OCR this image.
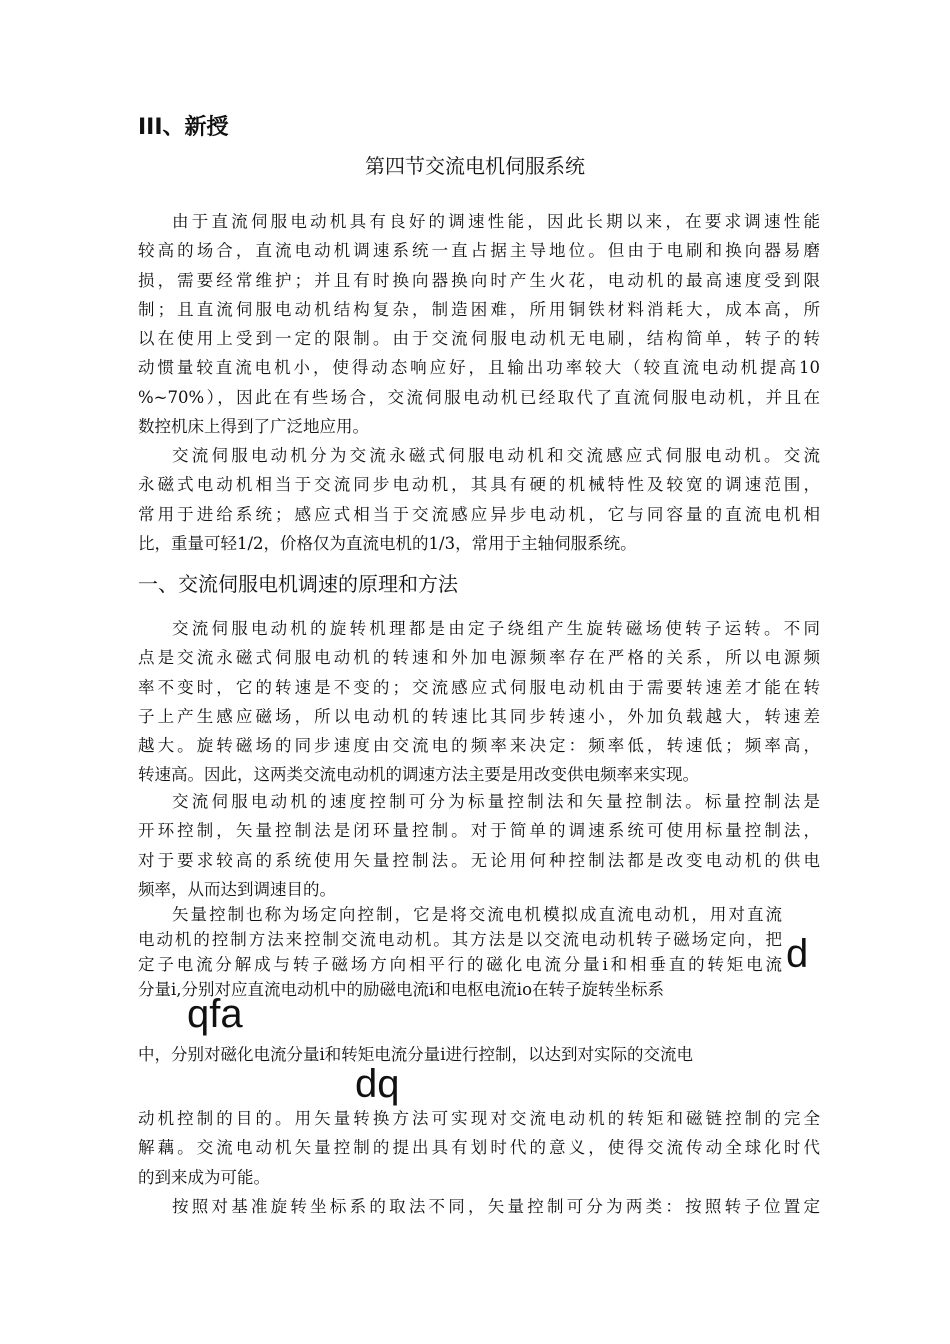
III、新授
第四节交流电机伺服系统
由于直流伺服电动机具有良好的调速性能，因此长期以来，在要求调速性能
较高的场合，直流电动机调速系统一直占据主导地位。但由于电刷和换向器易磨
损，需要经常维护；并且有时换向器换向时产生火花，电动机的最高速度受到限
制；且直流伺服电动机结构复杂，制造困难，所用铜铁材料消耗大，成本高，所
以在使用上受到一定的限制。由于交流伺服电动机无电刷，结构简单，转子的转
动惯量较直流电机小，使得动态响应好，且输出功率较大（较直流电动机提高10
%~70%），因此在有些场合，交流伺服电动机已经取代了直流伺服电动机，并且在
数控机床上得到了广泛地应用。
交流伺服电动机分为交流永磁式伺服电动机和交流感应式伺服电动机。交流
永磁式电动机相当于交流同步电动机，其具有硬的机械特性及较宽的调速范围，
常用于进给系统；感应式相当于交流感应异步电动机，它与同容量的直流电机相
比，重量可轻1/2，价格仅为直流电机的1/3，常用于主轴伺服系统。
一、交流伺服电机调速的原理和方法
交流伺服电动机的旋转机理都是由定子绕组产生旋转磁场使转子运转。不同
点是交流永磁式伺服电动机的转速和外加电源频率存在严格的关系，所以电源频
率不变时，它的转速是不变的；交流感应式伺服电动机由于需要转速差才能在转
子上产生感应磁场，所以电动机的转速比其同步转速小，外加负载越大，转速差
越大。旋转磁场的同步速度由交流电的频率来决定：频率低，转速低；频率高，
转速高。因此，这两类交流电动机的调速方法主要是用改变供电频率来实现。
交流伺服电动机的速度控制可分为标量控制法和矢量控制法。标量控制法是
开环控制，矢量控制法是闭环量控制。对于简单的调速系统可使用标量控制法，
对于要求较高的系统使用矢量控制法。无论用何种控制法都是改变电动机的供电
频率，从而达到调速目的。
矢量控制也称为场定向控制，它是将交流电机模拟成直流电动机，用对直流
电动机的控制方法来控制交流电动机。其方法是以交流电动机转子磁场定向，把
定子电流分解成与转子磁场方向相平行的磁化电流分量i和相垂直的转矩电流
分量i,分别对应直流电动机中的励磁电流i和电枢电流io在转子旋转坐标系
d
qfa
中，分别对磁化电流分量i和转矩电流分量i进行控制，以达到对实际的交流电
dq
动机控制的目的。用矢量转换方法可实现对交流电动机的转矩和磁链控制的完全
解藕。交流电动机矢量控制的提出具有划时代的意义，使得交流传动全球化时代
的到来成为可能。
按照对基准旋转坐标系的取法不同，矢量控制可分为两类：按照转子位置定
